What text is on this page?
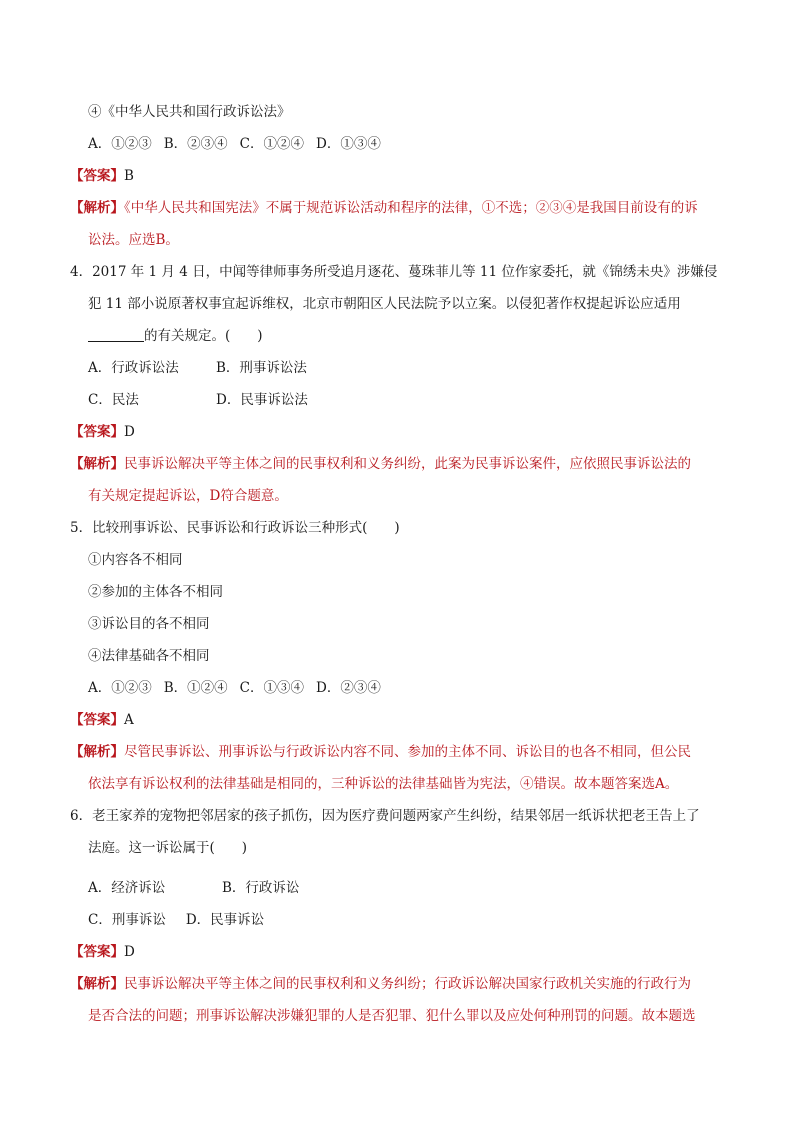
④《中华人民共和国行政诉讼法》
A．①②③ B．②③④ C．①②④ D．①③④
【答案】B
【解析】《中华人民共和国宪法》不属于规范诉讼活动和程序的法律，①不选；②③④是我国目前设有的诉
讼法。应选B。
4．2017 年 1 月 4 日，中闻等律师事务所受追月逐花、蔓珠菲儿等 11 位作家委托，就《锦绣未央》涉嫌侵
犯 11 部小说原著权事宜起诉维权，北京市朝阳区人民法院予以立案。以侵犯著作权提起诉讼应适用
的有关规定。(　　)
A．行政诉讼法	B．刑事诉讼法
C．民法	D．民事诉讼法
【答案】D
【解析】民事诉讼解决平等主体之间的民事权利和义务纠纷，此案为民事诉讼案件，应依照民事诉讼法的
有关规定提起诉讼，D符合题意。
5．比较刑事诉讼、民事诉讼和行政诉讼三种形式(　　)
①内容各不相同
②参加的主体各不相同
③诉讼目的各不相同
④法律基础各不相同
A．①②③ B．①②④ C．①③④ D．②③④
【答案】A
【解析】尽管民事诉讼、刑事诉讼与行政诉讼内容不同、参加的主体不同、诉讼目的也各不相同，但公民
依法享有诉讼权利的法律基础是相同的，三种诉讼的法律基础皆为宪法，④错误。故本题答案选A。
6．老王家养的宠物把邻居家的孩子抓伤，因为医疗费问题两家产生纠纷，结果邻居一纸诉状把老王告上了
法庭。这一诉讼属于(　　)
A．经济诉讼	B．行政诉讼
C．刑事诉讼 D．民事诉讼
【答案】D
【解析】民事诉讼解决平等主体之间的民事权利和义务纠纷；行政诉讼解决国家行政机关实施的行政行为
是否合法的问题；刑事诉讼解决涉嫌犯罪的人是否犯罪、犯什么罪以及应处何种刑罚的问题。故本题选
